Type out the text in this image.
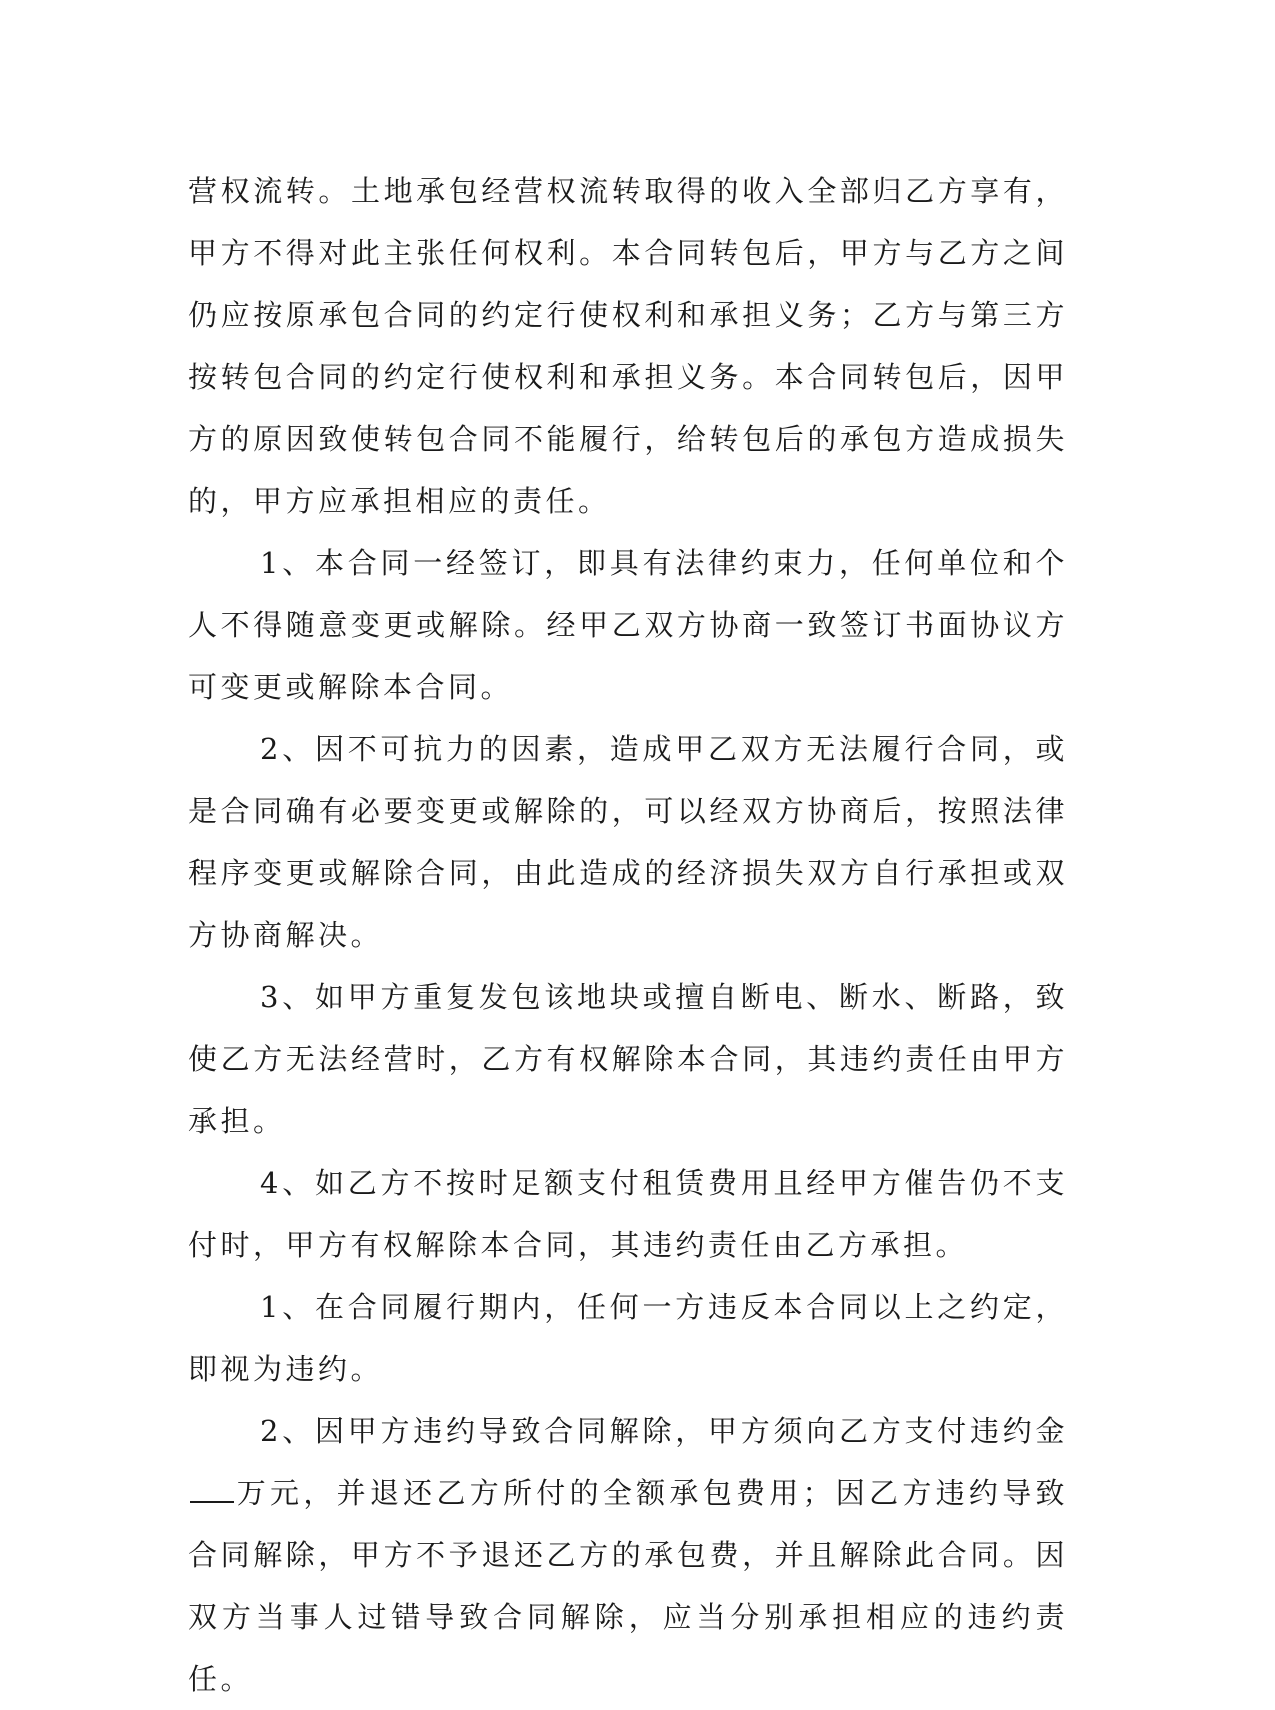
营权流转。土地承包经营权流转取得的收入全部归乙方享有，甲方不得对此主张任何权利。本合同转包后，甲方与乙方之间仍应按原承包合同的约定行使权利和承担义务；乙方与第三方按转包合同的约定行使权利和承担义务。本合同转包后，因甲方的原因致使转包合同不能履行，给转包后的承包方造成损失的，甲方应承担相应的责任。

1、本合同一经签订，即具有法律约束力，任何单位和个人不得随意变更或解除。经甲乙双方协商一致签订书面协议方可变更或解除本合同。

2、因不可抗力的因素，造成甲乙双方无法履行合同，或是合同确有必要变更或解除的，可以经双方协商后，按照法律程序变更或解除合同，由此造成的经济损失双方自行承担或双方协商解决。

3、如甲方重复发包该地块或擅自断电、断水、断路，致使乙方无法经营时，乙方有权解除本合同，其违约责任由甲方承担。

4、如乙方不按时足额支付租赁费用且经甲方催告仍不支付时，甲方有权解除本合同，其违约责任由乙方承担。

1、在合同履行期内，任何一方违反本合同以上之约定，即视为违约。

2、因甲方违约导致合同解除，甲方须向乙方支付违约金万元，并退还乙方所付的全额承包费用；因乙方违约导致合同解除，甲方不予退还乙方的承包费，并且解除此合同。因双方当事人过错导致合同解除，应当分别承担相应的违约责任。
